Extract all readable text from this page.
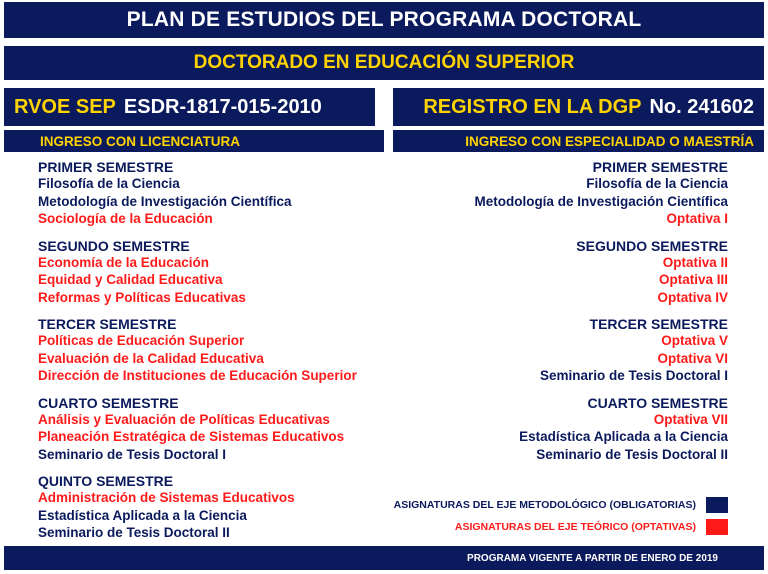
PLAN DE ESTUDIOS DEL PROGRAMA DOCTORAL
DOCTORADO EN EDUCACIÓN SUPERIOR
RVOE SEP ESDR-1817-015-2010	REGISTRO EN LA DGP No. 241602
INGRESO CON LICENCIATURA	INGRESO CON ESPECIALIDAD O MAESTRÍA
PRIMER SEMESTRE
Filosofía de la Ciencia
Metodología de Investigación Científica
Sociología de la Educación
SEGUNDO SEMESTRE
Economía de la Educación
Equidad y Calidad Educativa
Reformas y Políticas Educativas
TERCER SEMESTRE
Políticas de Educación Superior
Evaluación de la Calidad Educativa
Dirección de Instituciones de Educación Superior
CUARTO SEMESTRE
Análisis y Evaluación de Políticas Educativas
Planeación Estratégica de Sistemas Educativos
Seminario de Tesis Doctoral I
QUINTO SEMESTRE
Administración de Sistemas Educativos
Estadística Aplicada a la Ciencia
Seminario de Tesis Doctoral II
PRIMER SEMESTRE
Filosofía de la Ciencia
Metodología de Investigación Científica
Optativa I
SEGUNDO SEMESTRE
Optativa II
Optativa III
Optativa IV
TERCER SEMESTRE
Optativa V
Optativa VI
Seminario de Tesis Doctoral I
CUARTO SEMESTRE
Optativa VII
Estadística Aplicada a la Ciencia
Seminario de Tesis Doctoral II
ASIGNATURAS DEL EJE METODOLÓGICO (OBLIGATORIAS)
ASIGNATURAS DEL EJE TEÓRICO (OPTATIVAS)
PROGRAMA VIGENTE A PARTIR DE ENERO DE 2019
